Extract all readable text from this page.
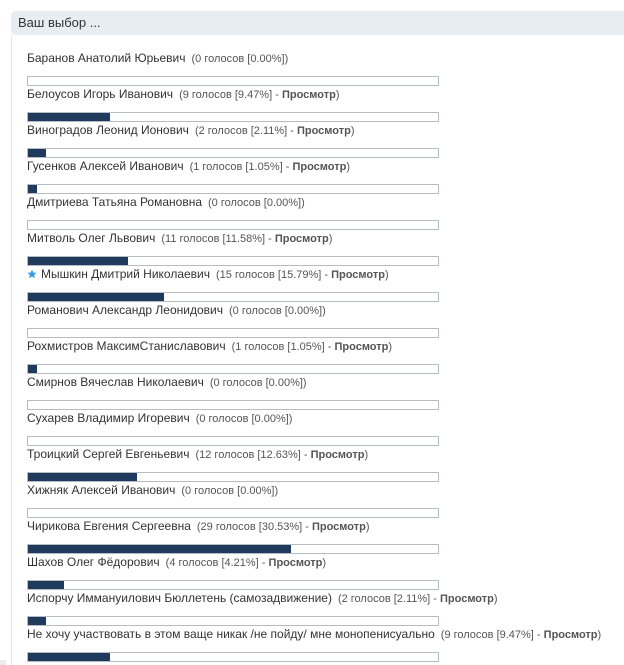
Ваш выбор ...
Баранов Анатолий Юрьевич (0 голосов [0.00%])
Белоусов Игорь Иванович (9 голосов [9.47%] - Просмотр)
Виноградов Леонид Ионович (2 голосов [2.11%] - Просмотр)
Гусенков Алексей Иванович (1 голосов [1.05%] - Просмотр)
Дмитриева Татьяна Романовна (0 голосов [0.00%])
Митволь Олег Львович (11 голосов [11.58%] - Просмотр)
Мышкин Дмитрий Николаевич (15 голосов [15.79%] - Просмотр)
Романович Александр Леонидович (0 голосов [0.00%])
Рохмистров МаксимСтаниславович (1 голосов [1.05%] - Просмотр)
Смирнов Вячеслав Николаевич (0 голосов [0.00%])
Сухарев Владимир Игоревич (0 голосов [0.00%])
Троицкий Сергей Евгеньевич (12 голосов [12.63%] - Просмотр)
Хижняк Алексей Иванович (0 голосов [0.00%])
Чирикова Евгения Сергеевна (29 голосов [30.53%] - Просмотр)
Шахов Олег Фёдорович (4 голосов [4.21%] - Просмотр)
Испорчу Иммануилович Бюллетень (самозадвижение) (2 голосов [2.11%] - Просмотр)
Не хочу участвовать в этом ваще никак /не пойду/ мне монопенисуально (9 голосов [9.47%] - Просмотр)
